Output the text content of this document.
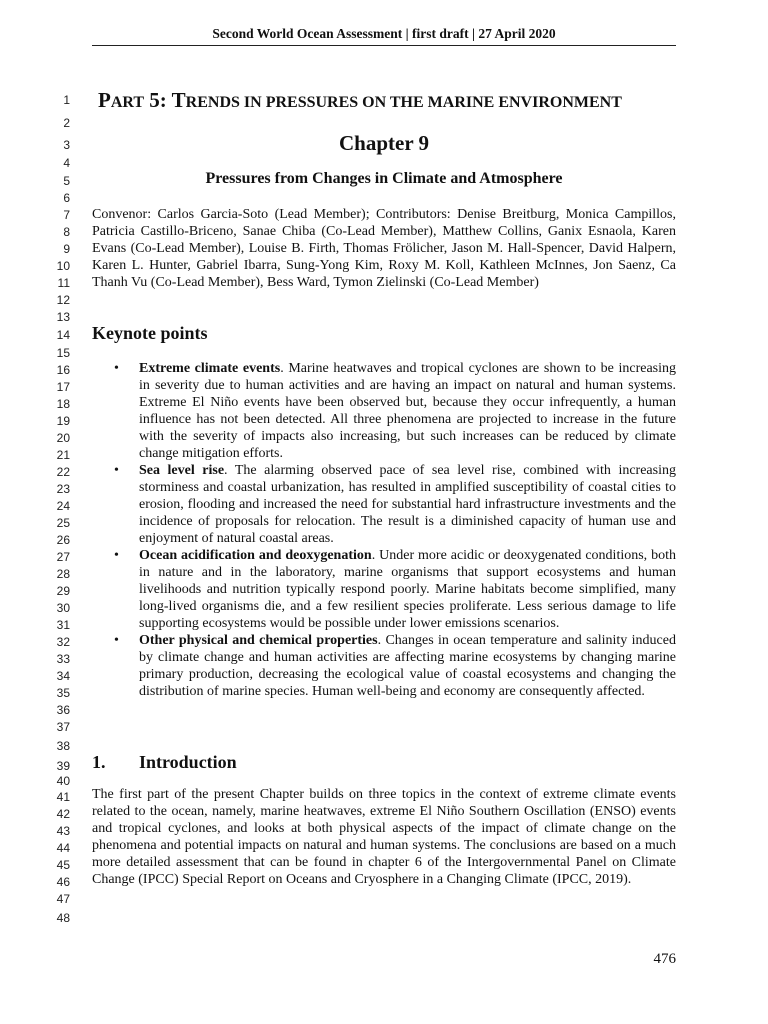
Second World Ocean Assessment | first draft | 27 April 2020
1
2
3
4
5
6
7
8
9
10
11
12
13
14
15
16
17
18
19
20
21
22
23
24
25
26
27
28
29
30
31
32
33
34
35
36
37
38
39
40
41
42
43
44
45
46
47
48
PART 5: TRENDS IN PRESSURES ON THE MARINE ENVIRONMENT
Chapter 9
Pressures from Changes in Climate and Atmosphere
Convenor: Carlos Garcia-Soto (Lead Member); Contributors: Denise Breitburg, Monica Campillos, Patricia Castillo-Briceno, Sanae Chiba (Co-Lead Member), Matthew Collins, Ganix Esnaola, Karen Evans (Co-Lead Member), Louise B. Firth, Thomas Frölicher, Jason M. Hall-Spencer, David Halpern, Karen L. Hunter, Gabriel Ibarra, Sung-Yong Kim, Roxy M. Koll, Kathleen McInnes, Jon Saenz, Ca Thanh Vu (Co-Lead Member), Bess Ward, Tymon Zielinski (Co-Lead Member)
Keynote points
• Extreme climate events. Marine heatwaves and tropical cyclones are shown to be increasing in severity due to human activities and are having an impact on natural and human systems. Extreme El Niño events have been observed but, because they occur infrequently, a human influence has not been detected. All three phenomena are projected to increase in the future with the severity of impacts also increasing, but such increases can be reduced by climate change mitigation efforts.
• Sea level rise. The alarming observed pace of sea level rise, combined with increasing storminess and coastal urbanization, has resulted in amplified susceptibility of coastal cities to erosion, flooding and increased the need for substantial hard infrastructure investments and the incidence of proposals for relocation. The result is a diminished capacity of human use and enjoyment of natural coastal areas.
• Ocean acidification and deoxygenation. Under more acidic or deoxygenated conditions, both in nature and in the laboratory, marine organisms that support ecosystems and human livelihoods and nutrition typically respond poorly. Marine habitats become simplified, many long-lived organisms die, and a few resilient species proliferate. Less serious damage to life supporting ecosystems would be possible under lower emissions scenarios.
• Other physical and chemical properties. Changes in ocean temperature and salinity induced by climate change and human activities are affecting marine ecosystems by changing marine primary production, decreasing the ecological value of coastal ecosystems and changing the distribution of marine species. Human well-being and economy are consequently affected.
1. Introduction
The first part of the present Chapter builds on three topics in the context of extreme climate events related to the ocean, namely, marine heatwaves, extreme El Niño Southern Oscillation (ENSO) events and tropical cyclones, and looks at both physical aspects of the impact of climate change on the phenomena and potential impacts on natural and human systems. The conclusions are based on a much more detailed assessment that can be found in chapter 6 of the Intergovernmental Panel on Climate Change (IPCC) Special Report on Oceans and Cryosphere in a Changing Climate (IPCC, 2019).
476
